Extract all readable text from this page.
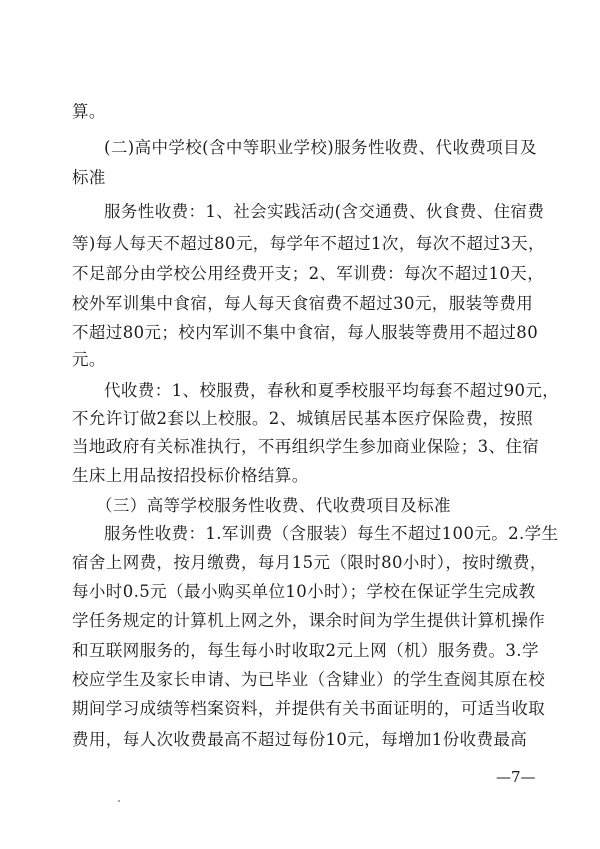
算。
(二)高中学校(含中等职业学校)服务性收费、代收费项目及
标准
服务性收费：1、社会实践活动(含交通费、伙食费、住宿费
等)每人每天不超过80元，每学年不超过1次，每次不超过3天，
不足部分由学校公用经费开支；2、军训费：每次不超过10天，
校外军训集中食宿，每人每天食宿费不超过30元，服装等费用
不超过80元；校内军训不集中食宿，每人服装等费用不超过80
元。
代收费：1、校服费，春秋和夏季校服平均每套不超过90元，
不允许订做2套以上校服。2、城镇居民基本医疗保险费，按照
当地政府有关标准执行，不再组织学生参加商业保险；3、住宿
生床上用品按招投标价格结算。
（三）高等学校服务性收费、代收费项目及标准
服务性收费：1.军训费（含服装）每生不超过100元。2.学生
宿舍上网费，按月缴费，每月15元（限时80小时），按时缴费，
每小时0.5元（最小购买单位10小时）；学校在保证学生完成教
学任务规定的计算机上网之外，课余时间为学生提供计算机操作
和互联网服务的，每生每小时收取2元上网（机）服务费。3.学
校应学生及家长申请、为已毕业（含肄业）的学生查阅其原在校
期间学习成绩等档案资料，并提供有关书面证明的，可适当收取
费用，每人次收费最高不超过每份10元，每增加1份收费最高
—7—
